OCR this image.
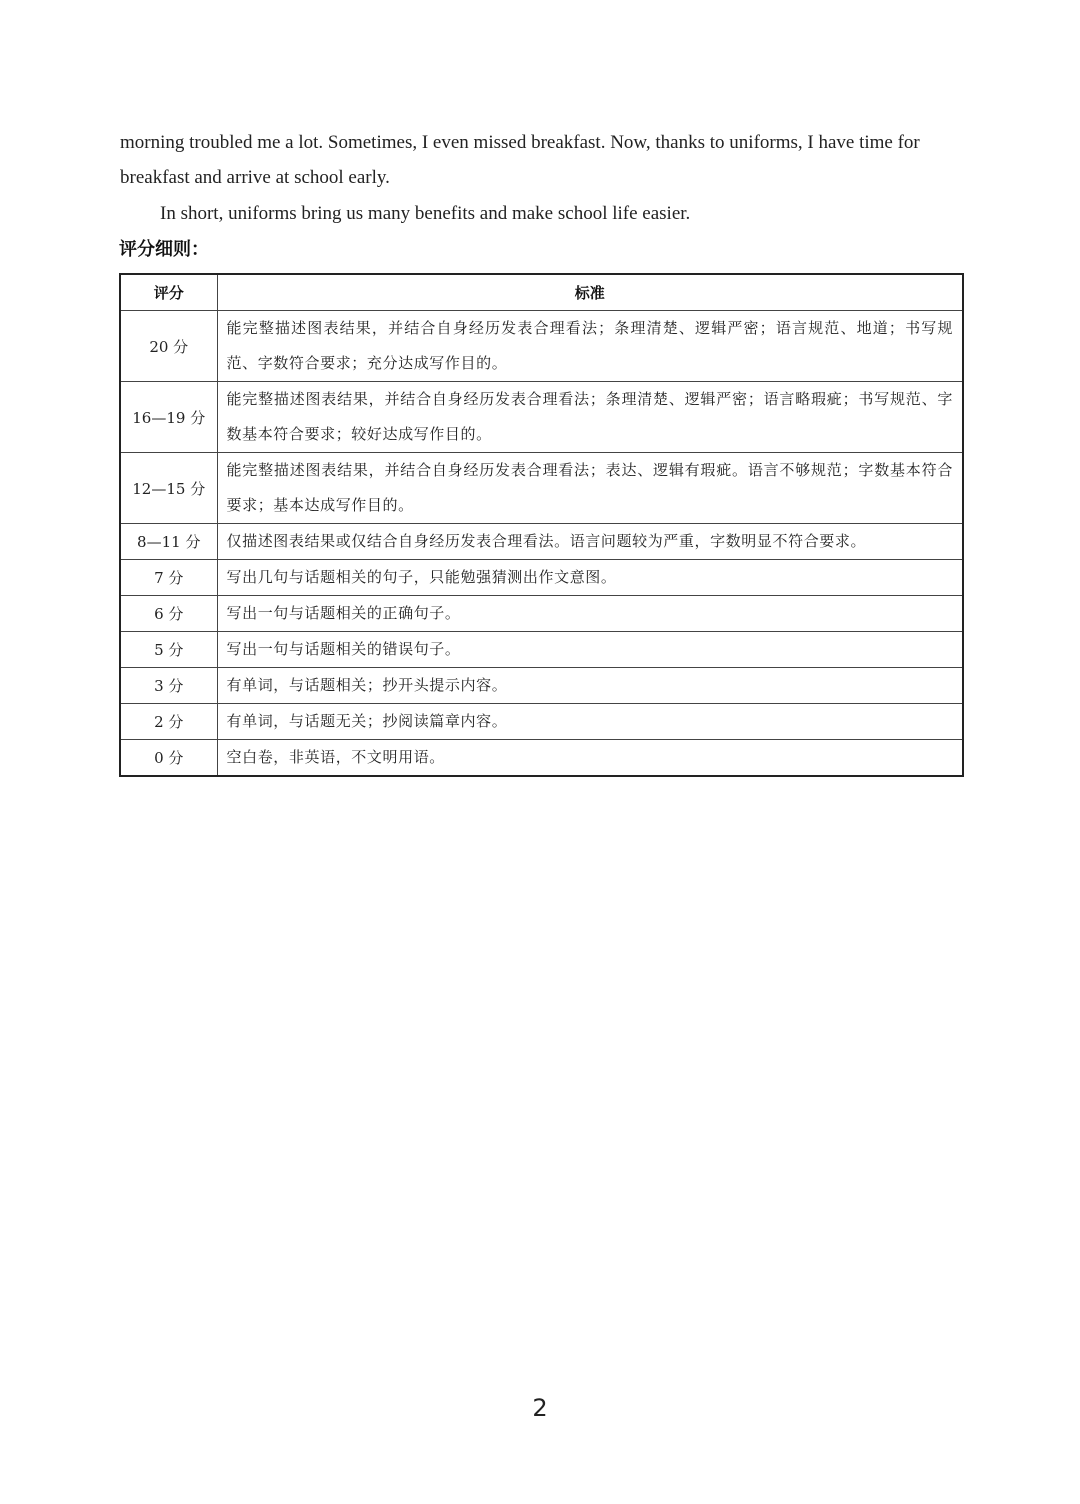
morning troubled me a lot. Sometimes, I even missed breakfast. Now, thanks to uniforms, I have time for breakfast and arrive at school early.
In short, uniforms bring us many benefits and make school life easier.
评分细则：
评分	标准
20 分	能完整描述图表结果，并结合自身经历发表合理看法；条理清楚、逻辑严密；语言规范、地道；书写规范、字数符合要求；充分达成写作目的。
16—19 分	能完整描述图表结果，并结合自身经历发表合理看法；条理清楚、逻辑严密；语言略瑕疵；书写规范、字数基本符合要求；较好达成写作目的。
12—15 分	能完整描述图表结果，并结合自身经历发表合理看法；表达、逻辑有瑕疵。语言不够规范；字数基本符合要求；基本达成写作目的。
8—11 分	仅描述图表结果或仅结合自身经历发表合理看法。语言问题较为严重，字数明显不符合要求。
7 分	写出几句与话题相关的句子，只能勉强猜测出作文意图。
6 分	写出一句与话题相关的正确句子。
5 分	写出一句与话题相关的错误句子。
3 分	有单词，与话题相关；抄开头提示内容。
2 分	有单词，与话题无关；抄阅读篇章内容。
0 分	空白卷，非英语，不文明用语。
2
